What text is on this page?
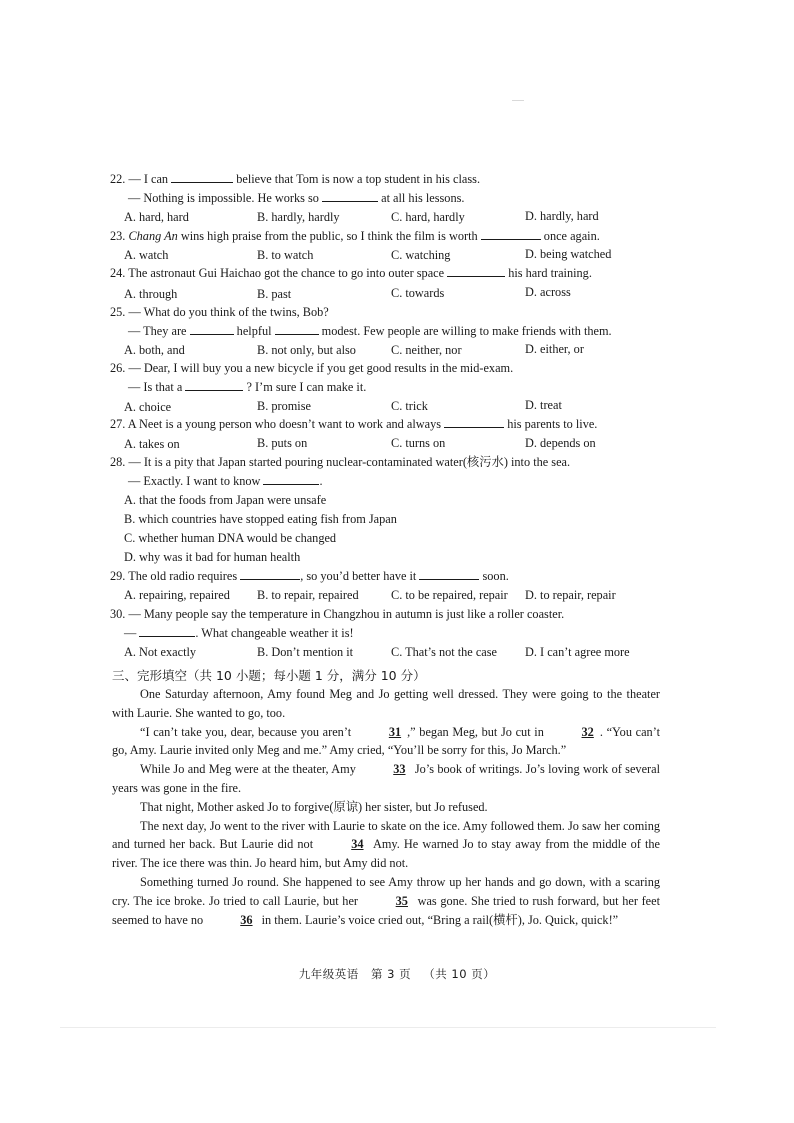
22. — I can	believe that Tom is now a top student in his class.
— Nothing is impossible. He works so	at all his lessons.
A. hard, hard	B. hardly, hardly	C. hard, hardly	D. hardly, hard
23. Chang An wins high praise from the public, so I think the film is worth	once again.
A. watch	B. to watch	C. watching	D. being watched
24. The astronaut Gui Haichao got the chance to go into outer space	his hard training.
A. through	B. past	C. towards	D. across
25. — What do you think of the twins, Bob?
— They are	helpful	modest. Few people are willing to make friends with them.
A. both, and	B. not only, but also	C. neither, nor	D. either, or
26. — Dear, I will buy you a new bicycle if you get good results in the mid-exam.
— Is that a	? I’m sure I can make it.
A. choice	B. promise	C. trick	D. treat
27. A Neet is a young person who doesn’t want to work and always	his parents to live.
A. takes on	B. puts on	C. turns on	D. depends on
28. — It is a pity that Japan started pouring nuclear-contaminated water(核污水) into the sea.
— Exactly. I want to know	.
A. that the foods from Japan were unsafe
B. which countries have stopped eating fish from Japan
C. whether human DNA would be changed
D. why was it bad for human health
29. The old radio requires	, so you’d better have it	soon.
A. repairing, repaired B. to repair, repaired	C. to be repaired, repair D. to repair, repair
30. — Many people say the temperature in Changzhou in autumn is just like a roller coaster.
—	. What changeable weather it is!
A. Not exactly	B. Don’t mention it	C. That’s not the case D. I can’t agree more
三、完形填空（共 10 小题；每小题 1 分，满分 10 分）

One Saturday afternoon, Amy found Meg and Jo getting well dressed. They were going to the theater with Laurie. She wanted to go, too.

“I can’t take you, dear, because you aren’t	31 ,” began Meg, but Jo cut in	32 . “You can’t go, Amy. Laurie invited only Meg and me.” Amy cried, “You’ll be sorry for this, Jo March.”

While Jo and Meg were at the theater, Amy	33 Jo’s book of writings. Jo’s loving work of several years was gone in the fire.

That night, Mother asked Jo to forgive(原谅) her sister, but Jo refused.

The next day, Jo went to the river with Laurie to skate on the ice. Amy followed them. Jo saw her coming and turned her back. But Laurie did not	34 Amy. He warned Jo to stay away from the middle of the river. The ice there was thin. Jo heard him, but Amy did not.

Something turned Jo round. She happened to see Amy throw up her hands and go down, with a scaring cry. The ice broke. Jo tried to call Laurie, but her	35 was gone. She tried to rush forward, but her feet seemed to have no	36 in them. Laurie’s voice cried out, “Bring a rail(横杆), Jo. Quick, quick!”

九年级英语 第 3 页 （共 10 页）
